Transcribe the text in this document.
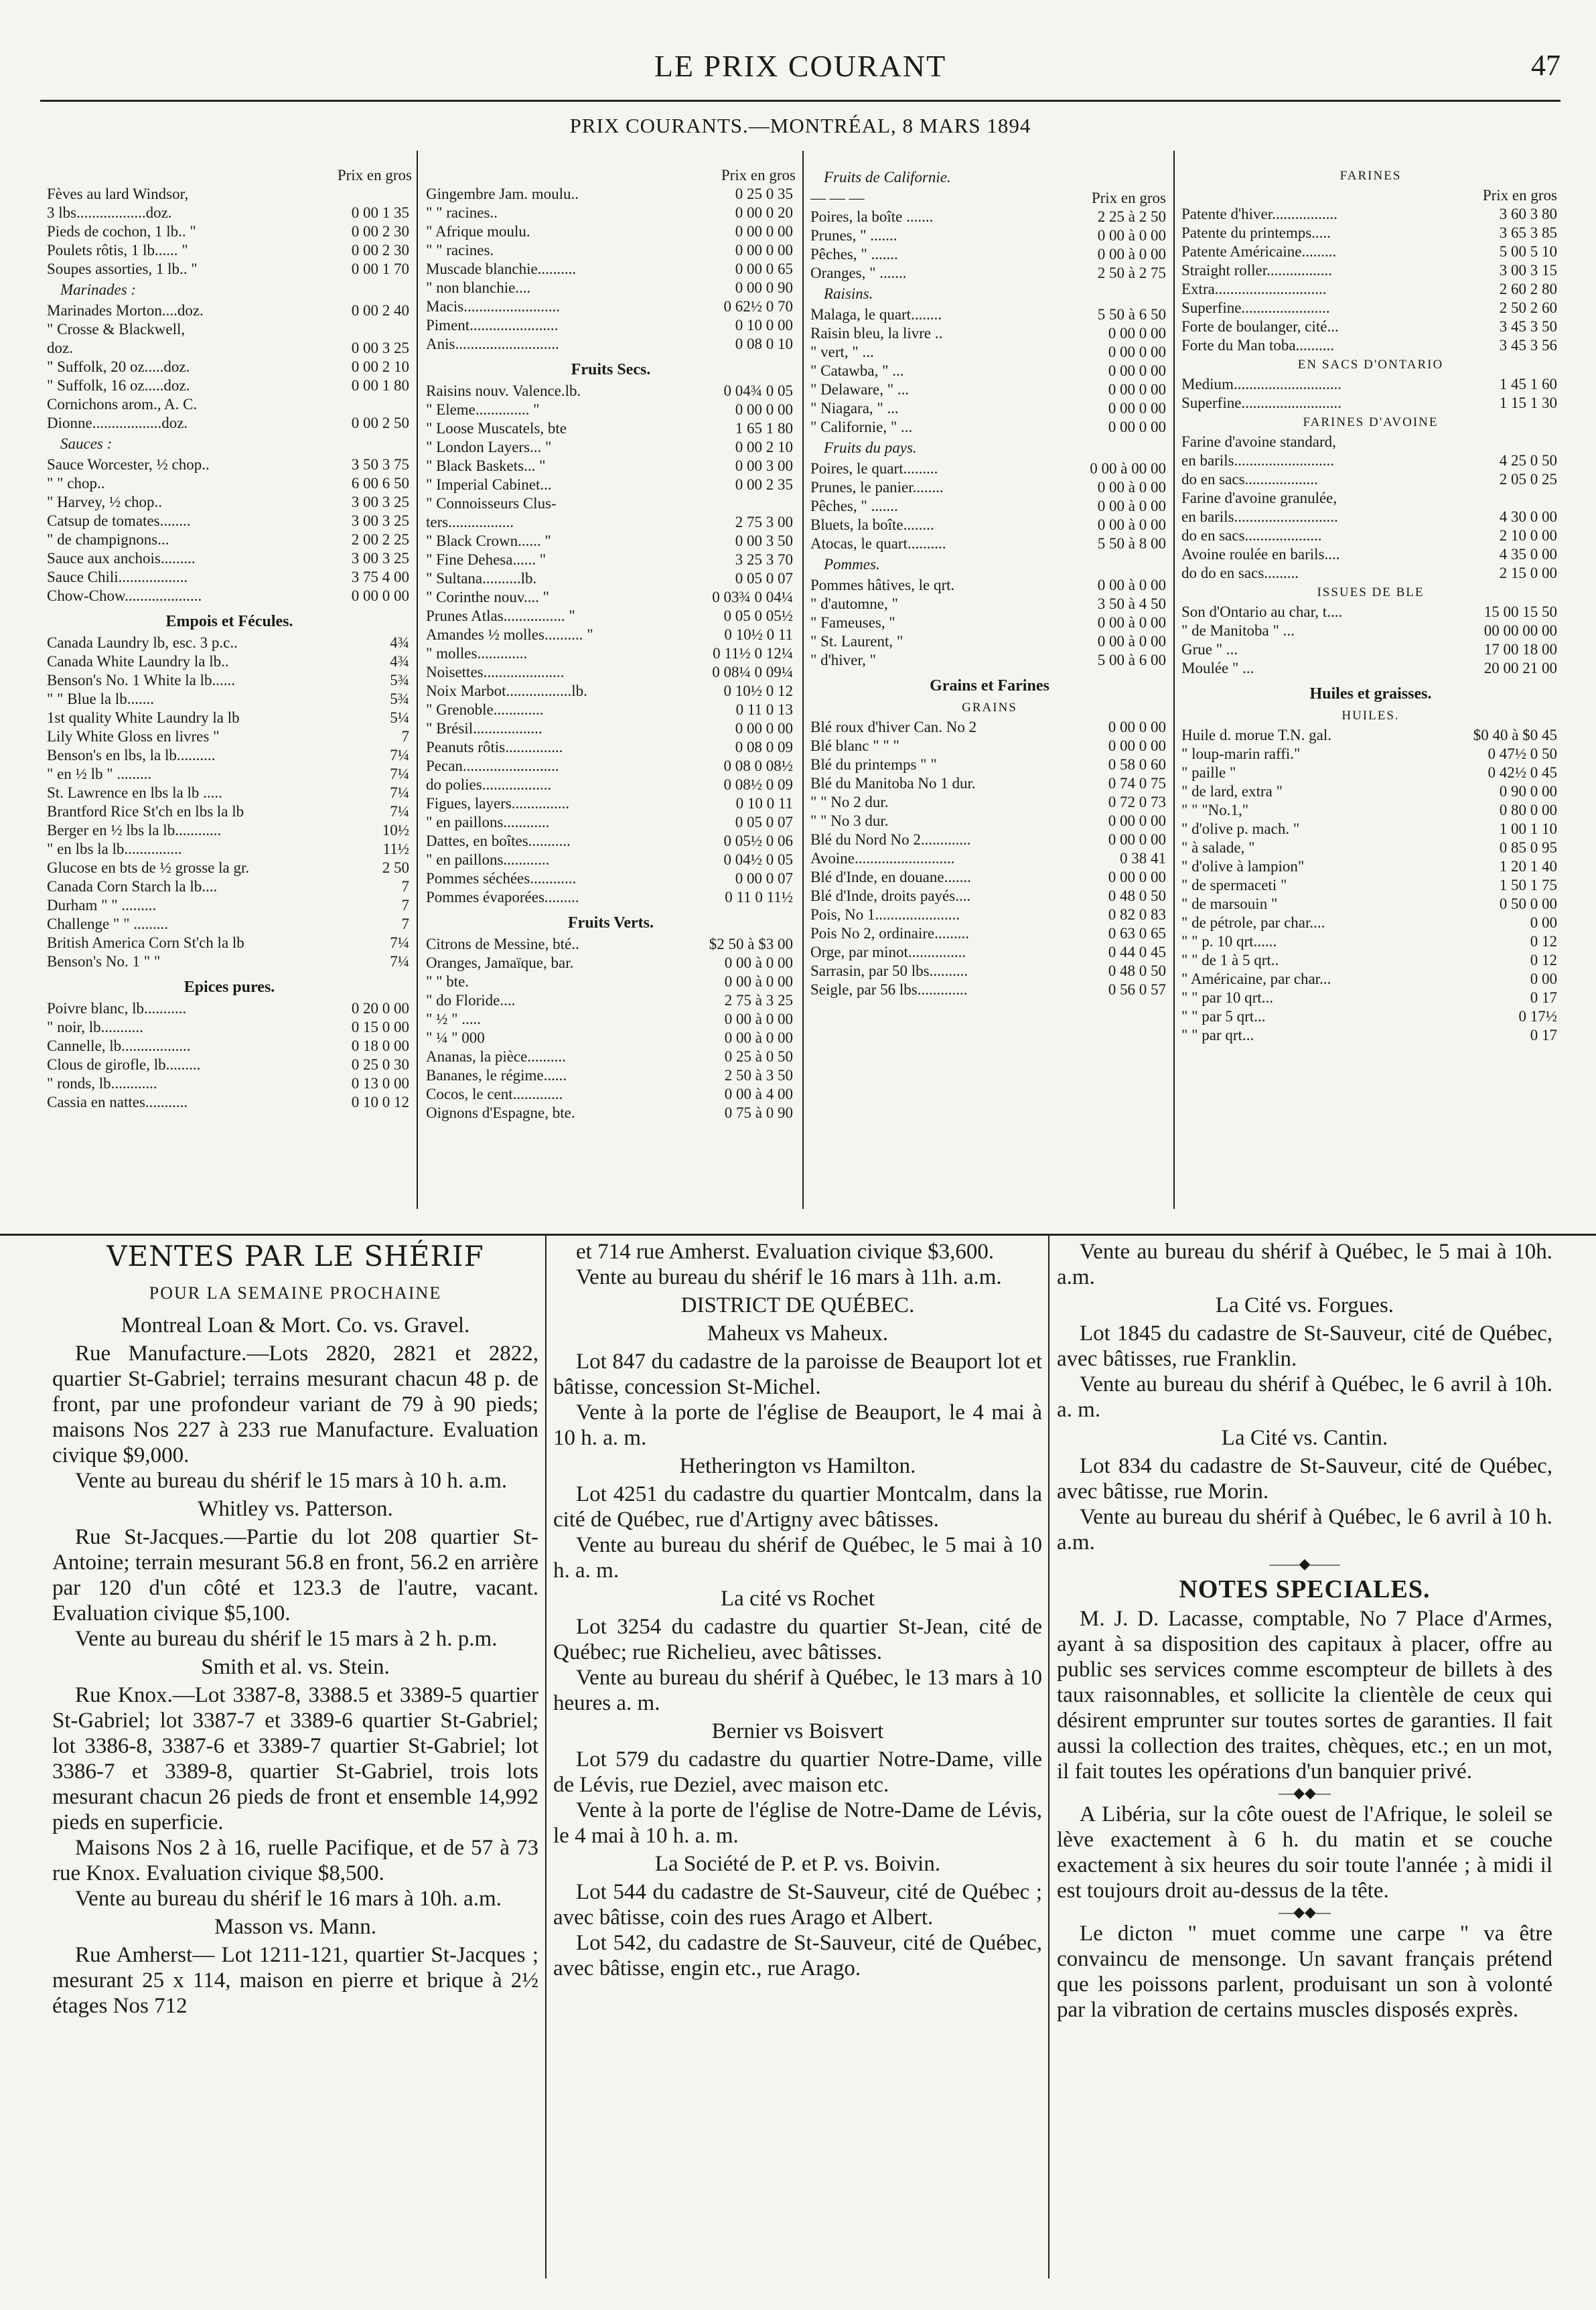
LE PRIX COURANT	47
PRIX COURANTS.—MONTRÉAL, 8 MARS 1894
Prix en gros
Fèves au lard Windsor,
3 lbs..................doz.	0 00 1 35
Pieds de cochon, 1 lb.. "	0 00 2 30
Poulets rôtis, 1 lb...... "	0 00 2 30
Soupes assorties, 1 lb.. "	0 00 1 70
Marinades :
Marinades Morton....doz.	0 00 2 40
" Crosse & Blackwell,
doz.	0 00 3 25
" Suffolk, 20 oz.....doz.	0 00 2 10
" Suffolk, 16 oz.....doz.	0 00 1 80
Cornichons arom., A. C.
Dionne..................doz.	0 00 2 50
Sauces :
Sauce Worcester, ½ chop..	3 50 3 75
" " chop..	6 00 6 50
" Harvey, ½ chop..	3 00 3 25
Catsup de tomates........	3 00 3 25
" de champignons...	2 00 2 25
Sauce aux anchois.........	3 00 3 25
Sauce Chili..................	3 75 4 00
Chow-Chow....................	0 00 0 00
Empois et Fécules.
Canada Laundry lb, esc. 3 p.c..	4¾
Canada White Laundry la lb..	4¾
Benson's No. 1 White la lb......	5¾
" " Blue la lb.......	5¾
1st quality White Laundry la lb	5¼
Lily White Gloss en livres "	7
Benson's en lbs, la lb..........	7¼
" en ½ lb " .........	7¼
St. Lawrence en lbs la lb .....	7¼
Brantford Rice St'ch en lbs la lb	7¼
Berger en ½ lbs la lb............	10½
" en lbs la lb...............	11½
Glucose en bts de ½ grosse la gr.	2 50
Canada Corn Starch la lb....	7
Durham " " .........	7
Challenge " " .........	7
British America Corn St'ch la lb	7¼
Benson's No. 1 " "	7¼
Epices pures.
Poivre blanc, lb...........	0 20 0 00
" noir, lb...........	0 15 0 00
Cannelle, lb..................	0 18 0 00
Clous de girofle, lb.........	0 25 0 30
" ronds, lb............	0 13 0 00
Cassia en nattes...........	0 10 0 12
Prix en gros
Gingembre Jam. moulu..	0 25 0 35
" " racines..	0 00 0 20
" Afrique moulu.	0 00 0 00
" " racines.	0 00 0 00
Muscade blanchie..........	0 00 0 65
" non blanchie....	0 00 0 90
Macis.........................	0 62½ 0 70
Piment.......................	0 10 0 00
Anis...........................	0 08 0 10
Fruits Secs.
Raisins nouv. Valence.lb.	0 04¾ 0 05
" Eleme.............. "	0 00 0 00
" Loose Muscatels, bte	1 65 1 80
" London Layers... "	0 00 2 10
" Black Baskets... "	0 00 3 00
" Imperial Cabinet...	0 00 2 35
" Connoisseurs Clus-
ters.................	2 75 3 00
" Black Crown...... "	0 00 3 50
" Fine Dehesa...... "	3 25 3 70
" Sultana..........lb.	0 05 0 07
" Corinthe nouv.... "	0 03¾ 0 04¼
Prunes Atlas................ "	0 05 0 05½
Amandes ½ molles.......... "	0 10½ 0 11
" molles.............	0 11½ 0 12¼
Noisettes.....................	0 08¼ 0 09¼
Noix Marbot.................lb.	0 10½ 0 12
" Grenoble.............	0 11 0 13
" Brésil..................	0 00 0 00
Peanuts rôtis...............	0 08 0 09
Pecan.........................	0 08 0 08½
do polies..................	0 08½ 0 09
Figues, layers...............	0 10 0 11
" en paillons............	0 05 0 07
Dattes, en boîtes...........	0 05½ 0 06
" en paillons............	0 04½ 0 05
Pommes séchées............	0 00 0 07
Pommes évaporées.........	0 11 0 11½
Fruits Verts.
Citrons de Messine, bté..	$2 50 à $3 00
Oranges, Jamaïque, bar.	0 00 à 0 00
" " bte.	0 00 à 0 00
" do Floride....	2 75 à 3 25
" ½ " .....	0 00 à 0 00
" ¼ " 000	0 00 à 0 00
Ananas, la pièce..........	0 25 à 0 50
Bananes, le régime......	2 50 à 3 50
Cocos, le cent.............	0 00 à 4 00
Oignons d'Espagne, bte.	0 75 à 0 90
Fruits de Californie.
— — —	Prix en gros
Poires, la boîte .......	2 25 à 2 50
Prunes, " .......	0 00 à 0 00
Pêches, " .......	0 00 à 0 00
Oranges, " .......	2 50 à 2 75
Raisins.
Malaga, le quart........	5 50 à 6 50
Raisin bleu, la livre ..	0 00 0 00
" vert, " ...	0 00 0 00
" Catawba, " ...	0 00 0 00
" Delaware, " ...	0 00 0 00
" Niagara, " ...	0 00 0 00
" Californie, " ...	0 00 0 00
Fruits du pays.
Poires, le quart.........	0 00 à 00 00
Prunes, le panier........	0 00 à 0 00
Pêches, " .......	0 00 à 0 00
Bluets, la boîte........	0 00 à 0 00
Atocas, le quart..........	5 50 à 8 00
Pommes.
Pommes hâtives, le qrt.	0 00 à 0 00
" d'automne, "	3 50 à 4 50
" Fameuses, "	0 00 à 0 00
" St. Laurent, "	0 00 à 0 00
" d'hiver, "	5 00 à 6 00
Grains et Farines
GRAINS
Blé roux d'hiver Can. No 2	0 00 0 00
Blé blanc " " "	0 00 0 00
Blé du printemps " "	0 58 0 60
Blé du Manitoba No 1 dur.	0 74 0 75
" " No 2 dur.	0 72 0 73
" " No 3 dur.	0 00 0 00
Blé du Nord No 2.............	0 00 0 00
Avoine..........................	0 38 41
Blé d'Inde, en douane.......	0 00 0 00
Blé d'Inde, droits payés....	0 48 0 50
Pois, No 1......................	0 82 0 83
Pois No 2, ordinaire.........	0 63 0 65
Orge, par minot...............	0 44 0 45
Sarrasin, par 50 lbs..........	0 48 0 50
Seigle, par 56 lbs.............	0 56 0 57
FARINES
Prix en gros
Patente d'hiver.................	3 60 3 80
Patente du printemps.....	3 65 3 85
Patente Américaine.........	5 00 5 10
Straight roller.................	3 00 3 15
Extra.............................	2 60 2 80
Superfine.......................	2 50 2 60
Forte de boulanger, cité...	3 45 3 50
Forte du Man toba..........	3 45 3 56
EN SACS D'ONTARIO
Medium............................	1 45 1 60
Superfine..........................	1 15 1 30
FARINES D'AVOINE
Farine d'avoine standard,
en barils..........................	4 25 0 50
do en sacs...................	2 05 0 25
Farine d'avoine granulée,
en barils...........................	4 30 0 00
do en sacs....................	2 10 0 00
Avoine roulée en barils....	4 35 0 00
do do en sacs.........	2 15 0 00
ISSUES DE BLE
Son d'Ontario au char, t....	15 00 15 50
" de Manitoba " ...	00 00 00 00
Grue " ...	17 00 18 00
Moulée " ...	20 00 21 00
Huiles et graisses.
HUILES.
Huile d. morue T.N. gal.	$0 40 à $0 45
" loup-marin raffi."	0 47½ 0 50
" paille "	0 42½ 0 45
" de lard, extra "	0 90 0 00
" " "No.1,"	0 80 0 00
" d'olive p. mach. "	1 00 1 10
" à salade, "	0 85 0 95
" d'olive à lampion"	1 20 1 40
" de spermaceti "	1 50 1 75
" de marsouin "	0 50 0 00
" de pétrole, par char....	0 00
" " p. 10 qrt......	0 12
" " de 1 à 5 qrt..	0 12
" Américaine, par char...	0 00
" " par 10 qrt...	0 17
" " par 5 qrt...	0 17½
" " par qrt...	0 17
VENTES PAR LE SHÉRIF
POUR LA SEMAINE PROCHAINE

Montreal Loan & Mort. Co. vs. Gravel.

Rue Manufacture.—Lots 2820, 2821 et 2822, quartier St-Gabriel; terrains mesurant chacun 48 p. de front, par une profondeur variant de 79 à 90 pieds; maisons Nos 227 à 233 rue Manufacture. Evaluation civique $9,000.

Vente au bureau du shérif le 15 mars à 10 h. a.m.

Whitley vs. Patterson.

Rue St-Jacques.—Partie du lot 208 quartier St-Antoine; terrain mesurant 56.8 en front, 56.2 en arrière par 120 d'un côté et 123.3 de l'autre, vacant. Evaluation civique $5,100.

Vente au bureau du shérif le 15 mars à 2 h. p.m.

Smith et al. vs. Stein.

Rue Knox.—Lot 3387-8, 3388.5 et 3389-5 quartier St-Gabriel; lot 3387-7 et 3389-6 quartier St-Gabriel; lot 3386-8, 3387-6 et 3389-7 quartier St-Gabriel; lot 3386-7 et 3389-8, quartier St-Gabriel, trois lots mesurant chacun 26 pieds de front et ensemble 14,992 pieds en superficie.

Maisons Nos 2 à 16, ruelle Pacifique, et de 57 à 73 rue Knox. Evaluation civique $8,500.

Vente au bureau du shérif le 16 mars à 10h. a.m.

Masson vs. Mann.

Rue Amherst— Lot 1211-121, quartier St-Jacques ; mesurant 25 x 114, maison en pierre et brique à 2½ étages Nos 712

et 714 rue Amherst. Evaluation civique $3,600.

Vente au bureau du shérif le 16 mars à 11h. a.m.

DISTRICT DE QUÉBEC.

Maheux vs Maheux.

Lot 847 du cadastre de la paroisse de Beauport lot et bâtisse, concession St-Michel.

Vente à la porte de l'église de Beauport, le 4 mai à 10 h. a. m.

Hetherington vs Hamilton.

Lot 4251 du cadastre du quartier Montcalm, dans la cité de Québec, rue d'Artigny avec bâtisses.

Vente au bureau du shérif de Québec, le 5 mai à 10 h. a. m.

La cité vs Rochet

Lot 3254 du cadastre du quartier St-Jean, cité de Québec; rue Richelieu, avec bâtisses.

Vente au bureau du shérif à Québec, le 13 mars à 10 heures a. m.

Bernier vs Boisvert

Lot 579 du cadastre du quartier Notre-Dame, ville de Lévis, rue Deziel, avec maison etc.

Vente à la porte de l'église de Notre-Dame de Lévis, le 4 mai à 10 h. a. m.

La Société de P. et P. vs. Boivin.

Lot 544 du cadastre de St-Sauveur, cité de Québec ; avec bâtisse, coin des rues Arago et Albert.

Lot 542, du cadastre de St-Sauveur, cité de Québec, avec bâtisse, engin etc., rue Arago.

Vente au bureau du shérif à Québec, le 5 mai à 10h. a.m.

La Cité vs. Forgues.

Lot 1845 du cadastre de St-Sauveur, cité de Québec, avec bâtisses, rue Franklin.

Vente au bureau du shérif à Québec, le 6 avril à 10h. a. m.

La Cité vs. Cantin.

Lot 834 du cadastre de St-Sauveur, cité de Québec, avec bâtisse, rue Morin.

Vente au bureau du shérif à Québec, le 6 avril à 10 h. a.m.

——◆——
NOTES SPECIALES.

M. J. D. Lacasse, comptable, No 7 Place d'Armes, ayant à sa disposition des capitaux à placer, offre au public ses services comme escompteur de billets à des taux raisonnables, et sollicite la clientèle de ceux qui désirent emprunter sur toutes sortes de garanties. Il fait aussi la collection des traites, chèques, etc.; en un mot, il fait toutes les opérations d'un banquier privé.

—◆◆—

A Libéria, sur la côte ouest de l'Afrique, le soleil se lève exactement à 6 h. du matin et se couche exactement à six heures du soir toute l'année ; à midi il est toujours droit au-dessus de la tête.

—◆◆—

Le dicton " muet comme une carpe " va être convaincu de mensonge. Un savant français prétend que les poissons parlent, produisant un son à volonté par la vibration de certains muscles disposés exprès.
